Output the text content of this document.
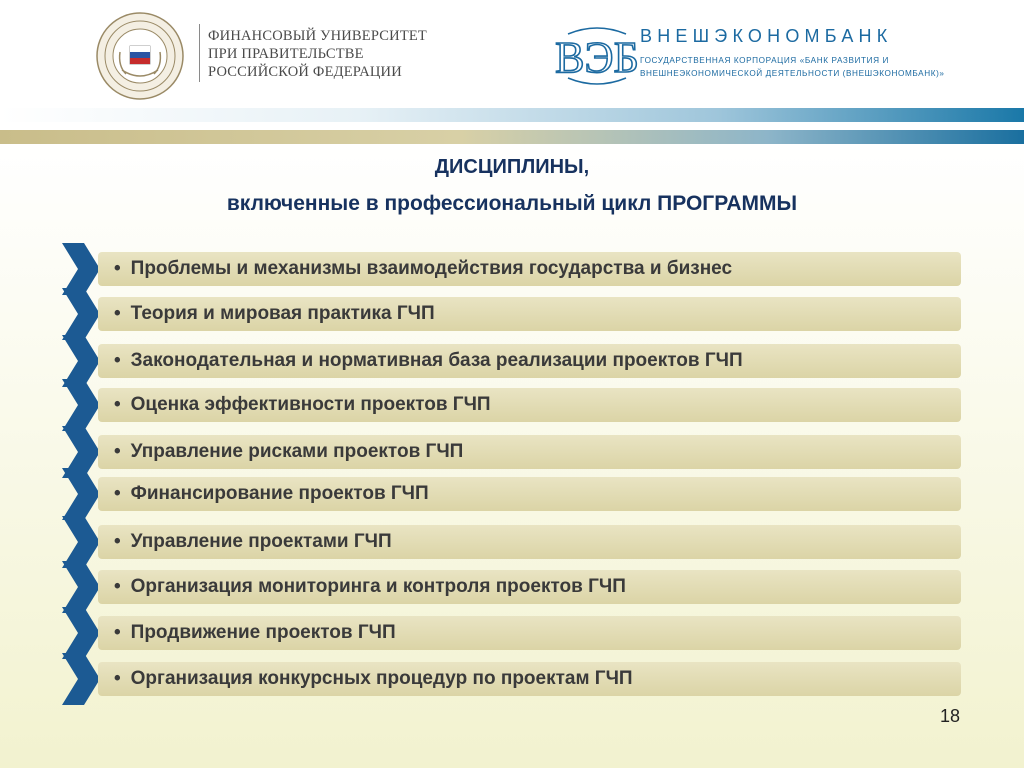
ФИНАНСОВЫЙ УНИВЕРСИТЕТ
ПРИ ПРАВИТЕЛЬСТВЕ
РОССИЙСКОЙ ФЕДЕРАЦИИ	ВЭБ ВНЕШЭКОНОМБАНК
ГОСУДАРСТВЕННАЯ КОРПОРАЦИЯ «БАНК РАЗВИТИЯ И
ВНЕШНЕЭКОНОМИЧЕСКОЙ ДЕЯТЕЛЬНОСТИ (ВНЕШЭКОНОМБАНК)»
ДИСЦИПЛИНЫ,
включенные в профессиональный цикл ПРОГРАММЫ
• Проблемы и механизмы взаимодействия государства и бизнес
• Теория и мировая практика ГЧП
• Законодательная и нормативная база реализации проектов ГЧП
• Оценка эффективности проектов ГЧП
• Управление рисками проектов ГЧП
• Финансирование проектов ГЧП
• Управление проектами ГЧП
• Организация мониторинга и контроля проектов ГЧП
• Продвижение проектов ГЧП
• Организация конкурсных процедур по проектам ГЧП
18
